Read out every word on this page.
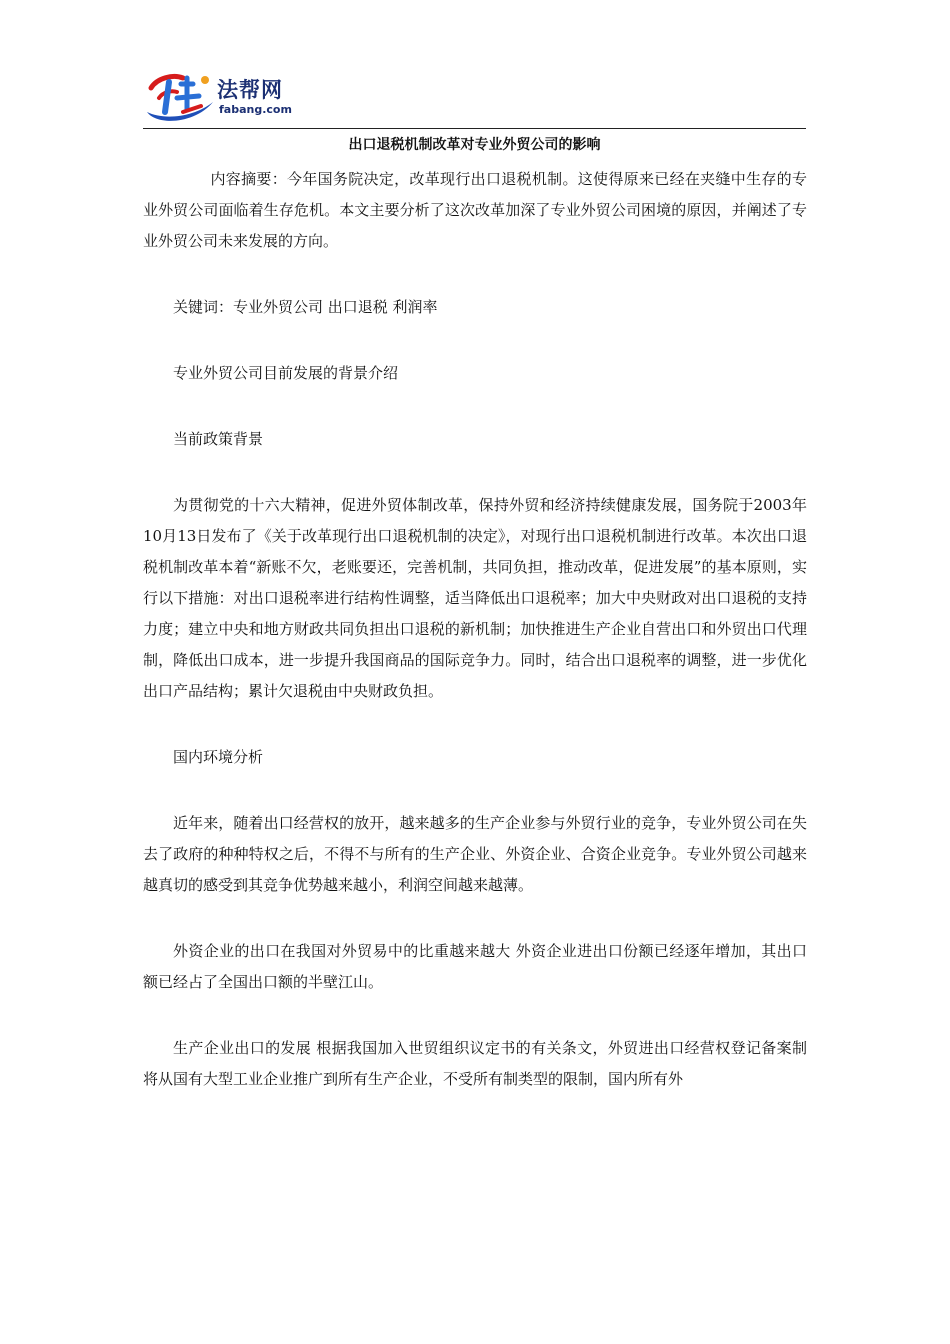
法帮网
fabang.com
出口退税机制改革对专业外贸公司的影响

内容摘要：今年国务院决定，改革现行出口退税机制。这使得原来已经在夹缝中生存的专业外贸公司面临着生存危机。本文主要分析了这次改革加深了专业外贸公司困境的原因，并阐述了专业外贸公司未来发展的方向。

关键词：专业外贸公司 出口退税 利润率

专业外贸公司目前发展的背景介绍

当前政策背景

为贯彻党的十六大精神，促进外贸体制改革，保持外贸和经济持续健康发展，国务院于2003年10月13日发布了《关于改革现行出口退税机制的决定》，对现行出口退税机制进行改革。本次出口退税机制改革本着“新账不欠，老账要还，完善机制，共同负担，推动改革，促进发展”的基本原则，实行以下措施：对出口退税率进行结构性调整，适当降低出口退税率；加大中央财政对出口退税的支持力度；建立中央和地方财政共同负担出口退税的新机制；加快推进生产企业自营出口和外贸出口代理制，降低出口成本，进一步提升我国商品的国际竞争力。同时，结合出口退税率的调整，进一步优化出口产品结构；累计欠退税由中央财政负担。

国内环境分析

近年来，随着出口经营权的放开，越来越多的生产企业参与外贸行业的竞争，专业外贸公司在失去了政府的种种特权之后，不得不与所有的生产企业、外资企业、合资企业竞争。专业外贸公司越来越真切的感受到其竞争优势越来越小，利润空间越来越薄。

外资企业的出口在我国对外贸易中的比重越来越大 外资企业进出口份额已经逐年增加，其出口额已经占了全国出口额的半壁江山。

生产企业出口的发展 根据我国加入世贸组织议定书的有关条文，外贸进出口经营权登记备案制将从国有大型工业企业推广到所有生产企业，不受所有制类型的限制，国内所有外
